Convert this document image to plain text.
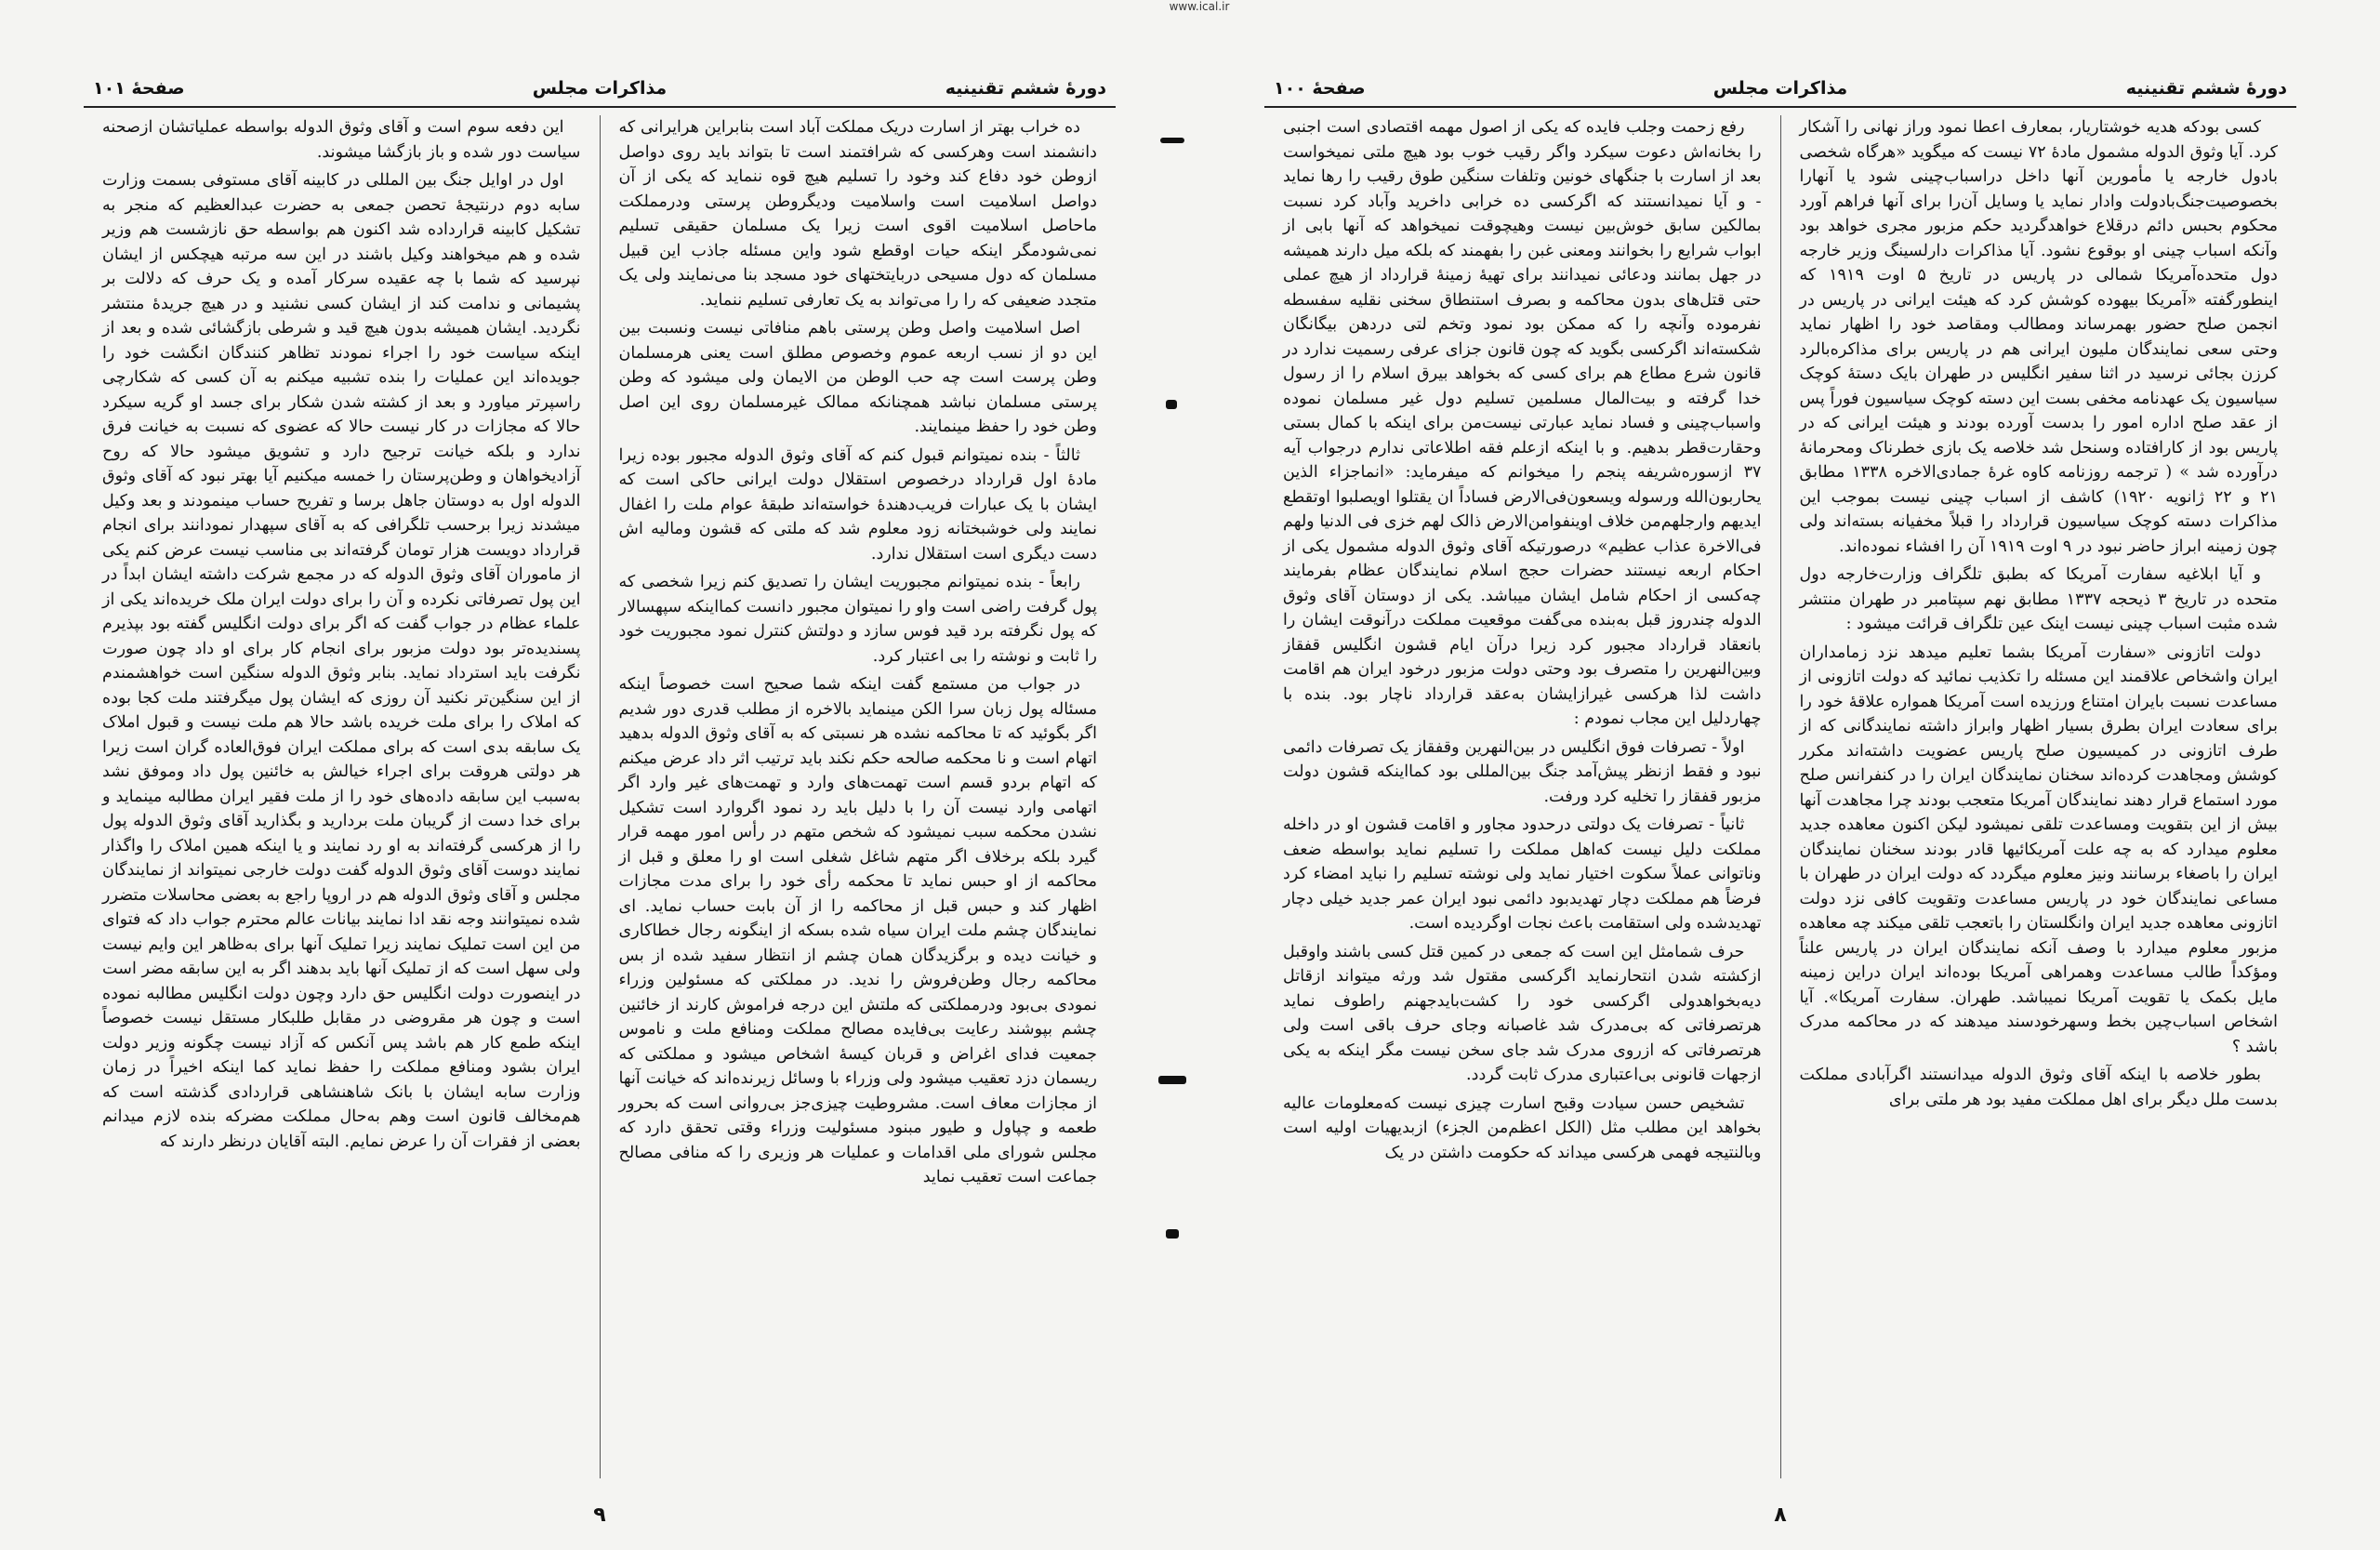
www.ical.ir
دورهٔ ششم تقنینیه
مذاکرات مجلس
صفحهٔ ۱۰۱

ده خراب بهتر از اسارت دریک مملکت آباد است بنابراین هرایرانی که دانشمند است وهرکسی که شرافتمند است تا بتواند باید روی دواصل ازوطن خود دفاع کند وخود را تسلیم هیچ قوه ننماید که یکی از آن دواصل اسلامیت است واسلامیت ودیگروطن پرستی ودرمملکت ماحاصل اسلامیت اقوی است زیرا یک مسلمان حقیقی تسلیم نمی‌شودمگر اینکه حیات اوقطع شود واین مسئله جاذب این قبیل مسلمان که دول مسیحی دربایتختهای خود مسجد بنا می‌نمایند ولی یک متجدد ضعیفی که را را می‌تواند به یک تعارفی تسلیم ننماید.

اصل اسلامیت واصل وطن پرستی باهم منافاتی نیست ونسبت بین این دو از نسب اربعه عموم وخصوص مطلق است یعنی هرمسلمان وطن پرست است چه حب الوطن من الایمان ولی میشود که وطن پرستی مسلمان نباشد همچنانکه ممالک غیرمسلمان روی این اصل وطن خود را حفظ مینمایند.

ثالثاً - بنده نمیتوانم قبول کنم که آقای وثوق الدوله مجبور بوده زیرا مادهٔ اول قرارداد درخصوص استقلال دولت ایرانی حاکی است که ایشان با یک عبارات فریب‌دهندهٔ خواسته‌اند طبقهٔ عوام ملت را اغفال نمایند ولی خوشبختانه زود معلوم شد که ملتی که قشون ومالیه اش دست دیگری است استقلال ندارد.

رابعاً - بنده نمیتوانم مجبوریت ایشان را تصدیق کنم زیرا شخصی که پول گرفت راضی است واو را نمیتوان مجبور دانست کمااینکه سپهسالار که پول نگرفته برد قید فوس سازد و دولتش کنترل نمود مجبوریت خود را ثابت و نوشته را بی اعتبار کرد.

در جواب من مستمع گفت اینکه شما صحیح است خصوصاً اینکه مسئاله پول زبان سرا الکن مینماید بالاخره از مطلب قدری دور شدیم اگر بگوئید که تا محاکمه نشده هر نسبتی که به آقای وثوق الدوله بدهید اتهام است و نا محکمه صالحه حکم نکند باید ترتیب اثر داد عرض میکنم که اتهام بردو قسم است تهمت‌های وارد و تهمت‌های غیر وارد اگر اتهامی وارد نیست آن را با دلیل باید رد نمود اگروارد است تشکیل نشدن محکمه سبب نمیشود که شخص متهم در رأس امور مهمه قرار گیرد بلکه برخلاف اگر متهم شاغل شغلی است او را معلق و قبل از محاکمه از او حبس نماید تا محکمه رأی خود را برای مدت مجازات اظهار کند و حبس قبل از محاکمه را از آن بابت حساب نماید. ای نمایندگان چشم ملت ایران سیاه شده بسکه از اینگونه رجال خطاکاری و خیانت دیده و برگزیدگان همان چشم از انتظار سفید شده از بس محاکمه رجال وطن‌فروش را ندید. در مملکتی که مسئولین وزراء نمودی بی‌بود ودرمملکتی که ملتش این درجه فراموش کارند از خائنین چشم بپوشند رعایت بی‌فایده مصالح مملکت ومنافع ملت و ناموس جمعیت فدای اغراض و قربان کیسهٔ اشخاص میشود و مملکتی که ریسمان دزد تعقیب میشود ولی وزراء با وسائل زیرنده‌اند که خیانت آنها از مجازات معاف است. مشروطیت چیزی‌جز بی‌روانی است که بحرور طعمه و چپاول و طیور مبنود مسئولیت وزراء وقتی تحقق دارد که مجلس شورای ملی اقدامات و عملیات هر وزیری را که منافی مصالح جماعت است تعقیب نماید

این دفعه سوم است و آقای وثوق الدوله بواسطه عملیاتشان ازصحنه سیاست دور شده و باز بازگشا میشوند.

اول در اوایل جنگ بین المللی در کابینه آقای مستوفی بسمت وزارت سابه دوم درنتیجهٔ تحصن جمعی به حضرت عبدالعظیم که منجر به تشکیل کابینه قرارداده شد اکنون هم بواسطه حق نازشست هم وزیر شده و هم میخواهند وکیل باشند در این سه مرتبه هیچکس از ایشان نپرسید که شما با چه عقیده سرکار آمده و یک حرف که دلالت بر پشیمانی و ندامت کند از ایشان کسی نشنید و در هیچ جریدهٔ منتشر نگردید. ایشان همیشه بدون هیچ قید و شرطی بازگشائی شده و بعد از اینکه سیاست خود را اجراء نمودند تظاهر کنندگان انگشت خود را جویده‌اند این عملیات را بنده تشبیه میکنم به آن کسی که شکارچی راسپرتر میاورد و بعد از کشته شدن شکار برای جسد او گریه سیکرد حالا که مجازات در کار نیست حالا که عضوی که نسبت به خیانت فرق ندارد و بلکه خیانت ترجیح دارد و تشویق میشود حالا که روح آزادیخواهان و وطن‌پرستان را خمسه میکنیم آیا بهتر نبود که آقای وثوق الدوله اول به دوستان جاهل برسا و تفریح حساب مینمودند و بعد وکیل میشدند زیرا برحسب تلگرافی که به آقای سپهدار نمودانند برای انجام قرارداد دویست هزار تومان گرفته‌اند بی مناسب نیست عرض کنم یکی از ماموران آقای وثوق الدوله که در مجمع شرکت داشته ایشان ابداً در این پول تصرفاتی نکرده و آن را برای دولت ایران ملک خریده‌اند یکی از علماء عظام در جواب گفت که اگر برای دولت انگلیس گفته بود بپذیرم پسندیده‌تر بود دولت مزبور برای انجام کار برای او داد چون صورت نگرفت باید استرداد نماید. بنابر وثوق الدوله سنگین است خواهشمندم از این سنگین‌تر نکنید آن روزی که ایشان پول میگرفتند ملت کجا بوده که املاک را برای ملت خریده باشد حالا هم ملت نیست و قبول املاک یک سابقه بدی است که برای مملکت ایران فوق‌العاده گران است زیرا هر دولتی هروقت برای اجراء خیالش به خائنین پول داد وموفق نشد به‌سبب این سابقه داده‌های خود را از ملت فقیر ایران مطالبه مینماید و برای خدا دست از گریبان ملت بردارید و بگذارید آقای وثوق الدوله پول را از هرکسی گرفته‌اند به او رد نمایند و یا اینکه همین املاک را واگذار نمایند دوست آقای وثوق الدوله گفت دولت خارجی نمیتواند از نمایندگان مجلس و آقای وثوق الدوله هم در اروپا راجع به بعضی محاسلات متضرر شده نمیتوانند وجه نقد ادا نمایند بیانات عالم محترم جواب داد که فتوای من این است تملیک نمایند زیرا تملیک آنها برای به‌ظاهر این وایم نیست ولی سهل است که از تملیک آنها باید بدهند اگر به این سابقه مضر است در اینصورت دولت انگلیس حق دارد وچون دولت انگلیس مطالبه نموده است و چون هر مقروضی در مقابل طلبکار مستقل نیست خصوصاً اینکه طمع کار هم باشد پس آنکس که آزاد نیست چگونه وزیر دولت ایران بشود ومنافع مملکت را حفظ نماید کما اینکه اخیراً در زمان وزارت سابه ایشان با بانک شاهنشاهی قراردادی گذشته است که هم‌مخالف قانون است وهم به‌حال مملکت مضرکه بنده لازم میدانم بعضی از فقرات آن را عرض نمایم. البته آقایان درنظر دارند که

۹
دورهٔ ششم تقنینیه
مذاکرات مجلس
صفحهٔ ۱۰۰

کسی بودکه هدیه خوشتاریار، بمعارف اعطا نمود وراز نهانی را آشکار کرد. آیا وثوق الدوله مشمول مادهٔ ۷۲ نیست که میگوید «هرگاه شخصی بادول خارجه یا مأمورین آنها داخل دراسباب‌چینی شود یا آنهارا بخصوصیت‌جنگ‌بادولت وادار نماید یا وسایل آن‌را برای آنها فراهم آورد محکوم بحبس دائم درقلاع خواهدگردید حکم مزبور مجری خواهد بود وآنکه اسباب چینی او بوقوع نشود. آیا مذاکرات دارلسینگ وزیر خارجه دول متحده‌آمریکا شمالی در پاریس در تاریخ ۵ اوت ۱۹۱۹ که اینطورگفته «آمریکا بیهوده کوشش کرد که هیئت ایرانی در پاریس در انجمن صلح حضور بهمرساند ومطالب ومقاصد خود را اظهار نماید وحتی سعی نمایندگان ملیون ایرانی هم در پاریس برای مذاکره‌بالرد کرزن بجائی نرسید در اثنا سفیر انگلیس در طهران بایک دستهٔ کوچک سیاسیون یک عهدنامه مخفی بست این دسته کوچک سیاسیون فوراً پس از عقد صلح اداره امور را بدست آورده بودند و هیئت ایرانی که در پاریس بود از کارافتاده وسنحل شد خلاصه یک بازی خطرناک ومحرمانهٔ درآورده شد » ( ترجمه روزنامه کاوه غرهٔ جمادی‌الاخره ۱۳۳۸ مطابق ۲۱ و ۲۲ ژانویه ۱۹۲۰) کاشف از اسباب چینی نیست بموجب این مذاکرات دسته کوچک سیاسیون قرارداد را قبلاً مخفیانه بسته‌اند ولی چون زمینه ابراز حاضر نبود در ۹ اوت ۱۹۱۹ آن را افشاء نموده‌اند.

و آیا ابلاغیه سفارت آمریکا که بطبق تلگراف وزارت‌خارجه دول متحده در تاریخ ۳ ذیحجه ۱۳۳۷ مطابق نهم سپتامبر در طهران منتشر شده مثبت اسباب چینی نیست اینک عین تلگراف قرائت میشود :

دولت اتازونی «سفارت آمریکا بشما تعلیم میدهد نزد زمامداران ایران واشخاص علاقمند این مسئله را تکذیب نمائید که دولت اتازونی از مساعدت نسبت بایران امتناع ورزیده است آمریکا همواره علاقهٔ خود را برای سعادت ایران بطرق بسیار اظهار وابراز داشته نمایندگانی که از طرف اتازونی در کمیسیون صلح پاریس عضویت داشته‌اند مکرر کوشش ومجاهدت کرده‌اند سخنان نمایندگان ایران را در کنفرانس صلح مورد استماع قرار دهند نمایندگان آمریکا متعجب بودند چرا مجاهدت آنها بیش از این بتقویت ومساعدت تلقی نمیشود لیکن اکنون معاهده جدید معلوم میدارد که به چه علت آمریکائیها قادر بودند سخنان نمایندگان ایران را باصغاء برسانند ونیز معلوم میگردد که دولت ایران در طهران با مساعی نمایندگان خود در پاریس مساعدت وتقویت کافی نزد دولت اتازونی معاهده جدید ایران وانگلستان را باتعجب تلقی میکند چه معاهده مزبور معلوم میدارد با وصف آنکه نمایندگان ایران در پاریس علناً ومؤکداً طالب مساعدت وهمراهی آمریکا بوده‌اند ایران دراین زمینه مایل بکمک یا تقویت آمریکا نمیباشد. طهران. سفارت آمریکا». آیا اشخاص اسباب‌چین بخط وسهرخودسند میدهند که در محاکمه مدرک باشد ؟

بطور خلاصه با اینکه آقای وثوق الدوله میدانستند اگرآبادی مملکت بدست ملل دیگر برای اهل مملکت مفید بود هر ملتی برای

رفع زحمت وجلب فایده که یکی از اصول مهمه اقتصادی است اجنبی را بخانه‌اش دعوت سیکرد واگر رقیب خوب بود هیچ ملتی نمیخواست بعد از اسارت با جنگهای خونین وتلفات سنگین طوق رقیب را رها نماید - و آیا نمیدانستند که اگرکسی ده خرابی داخرید وآباد کرد نسبت بمالکین سابق خوش‌بین نیست وهیچوقت نمیخواهد که آنها بابی از ابواب شرایع را بخوانند ومعنی غبن را بفهمند که بلکه میل دارند همیشه در جهل بمانند ودعائی نمیدانند برای تهیهٔ زمینهٔ قرارداد از هیچ عملی حتی قتل‌های بدون محاکمه و بصرف استنطاق سخنی نقلیه سفسطه نفرموده وآنچه را که ممکن بود نمود وتخم لتی دردهن بیگانگان شکسته‌اند اگرکسی بگوید که چون قانون جزای عرفی رسمیت ندارد در قانون شرع مطاع هم برای کسی که بخواهد بیرق اسلام را از رسول خدا گرفته و بیت‌المال مسلمین تسلیم دول غیر مسلمان نموده واسباب‌چینی و فساد نماید عبارتی نیست‌من برای اینکه با کمال بستی وحقارت‌قطر بدهیم. و با اینکه ازعلم فقه اطلاعاتی ندارم درجواب آیه ۳۷ ازسوره‌شریفه پنجم را میخوانم که میفرماید: «انماجزاء الذین یحاربون‌الله ورسوله ویسعون‌فی‌الارض فساداً ان یقتلوا اویصلبوا اوتقطع ایدیهم وارجلهم‌من خلاف اوینفوامن‌الارض ذالک لهم خزی فی الدنیا ولهم فی‌الاخرة عذاب عظیم» درصورتیکه آقای وثوق الدوله مشمول یکی از احکام اربعه نیستند حضرات حجج اسلام نمایندگان عظام بفرمایند چه‌کسی از احکام شامل ایشان میباشد. یکی از دوستان آقای وثوق الدوله چندروز قبل به‌بنده می‌گفت موقعیت مملکت درآنوقت ایشان را بانعقاد قرارداد مجبور کرد زیرا درآن ایام قشون انگلیس قفقاز وبین‌النهرین را متصرف بود وحتی دولت مزبور درخود ایران هم اقامت داشت لذا هرکسی غیرازایشان به‌عقد قرارداد ناچار بود. بنده با چهاردلیل این مجاب نمودم :

اولاً - تصرفات فوق انگلیس در بین‌النهرین وقفقاز یک تصرفات دائمی نبود و فقط ازنظر پیش‌آمد جنگ بین‌المللی بود کمااینکه قشون دولت مزبور قفقاز را تخلیه کرد ورفت.

ثانیاً - تصرفات یک دولتی درحدود مجاور و اقامت قشون او در داخله مملکت دلیل نیست که‌اهل مملکت را تسلیم نماید بواسطه ضعف وناتوانی عملاً سکوت اختیار نماید ولی نوشته تسلیم را نباید امضاء کرد فرضاً هم مملکت دچار تهدیدبود دائمی نبود ایران عمر جدید خیلی دچار تهدیدشده ولی استقامت باعث نجات اوگردیده است.

حرف شمامثل این است که جمعی در کمین قتل کسی باشند واوقبل ازکشته شدن انتحارنماید اگرکسی مقتول شد ورثه میتواند ازقاتل دیه‌بخواهدولی اگرکسی خود را کشت‌بایدجهنم راطوف نماید هرتصرفاتی که بی‌مدرک شد غاصبانه وجای حرف باقی است ولی هرتصرفاتی که ازروی مدرک شد جای سخن نیست مگر اینکه به یکی ازجهات قانونی بی‌اعتباری مدرک ثابت گردد.

تشخیص حسن سیادت وقبح اسارت چیزی نیست که‌معلومات عالیه بخواهد این مطلب مثل (الکل اعظم‌من الجزء) ازبدیهیات اولیه است وبالنتیجه فهمی هرکسی میداند که حکومت داشتن در یک

۸
